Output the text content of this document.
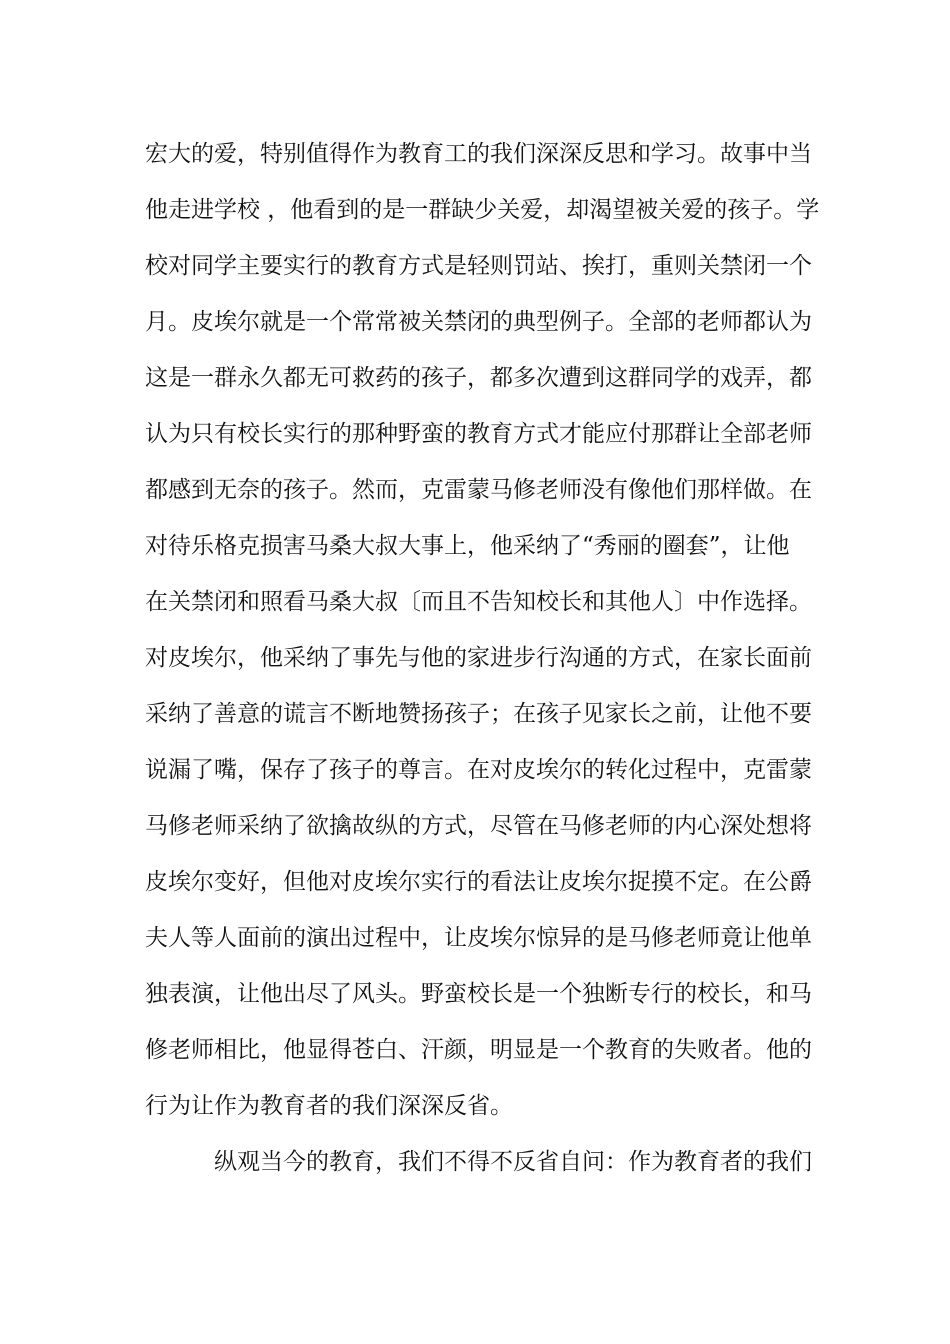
宏大的爱，特别值得作为教育工的我们深深反思和学习。故事中当
他走进学校 ，他看到的是一群缺少关爱，却渴望被关爱的孩子。学
校对同学主要实行的教育方式是轻则罚站、挨打，重则关禁闭一个
月。皮埃尔就是一个常常被关禁闭的典型例子。全部的老师都认为
这是一群永久都无可救药的孩子，都多次遭到这群同学的戏弄，都
认为只有校长实行的那种野蛮的教育方式才能应付那群让全部老师
都感到无奈的孩子。然而，克雷蒙马修老师没有像他们那样做。在
对待乐格克损害马桑大叔大事上，他采纳了“秀丽的圈套”，让他
在关禁闭和照看马桑大叔〔而且不告知校长和其他人〕中作选择。
对皮埃尔，他采纳了事先与他的家进步行沟通的方式，在家长面前
采纳了善意的谎言不断地赞扬孩子；在孩子见家长之前，让他不要
说漏了嘴，保存了孩子的尊言。在对皮埃尔的转化过程中，克雷蒙
马修老师采纳了欲擒故纵的方式，尽管在马修老师的内心深处想将
皮埃尔变好，但他对皮埃尔实行的看法让皮埃尔捉摸不定。在公爵
夫人等人面前的演出过程中，让皮埃尔惊异的是马修老师竟让他单
独表演，让他出尽了风头。野蛮校长是一个独断专行的校长，和马
修老师相比，他显得苍白、汗颜，明显是一个教育的失败者。他的
行为让作为教育者的我们深深反省。
纵观当今的教育，我们不得不反省自问：作为教育者的我们
